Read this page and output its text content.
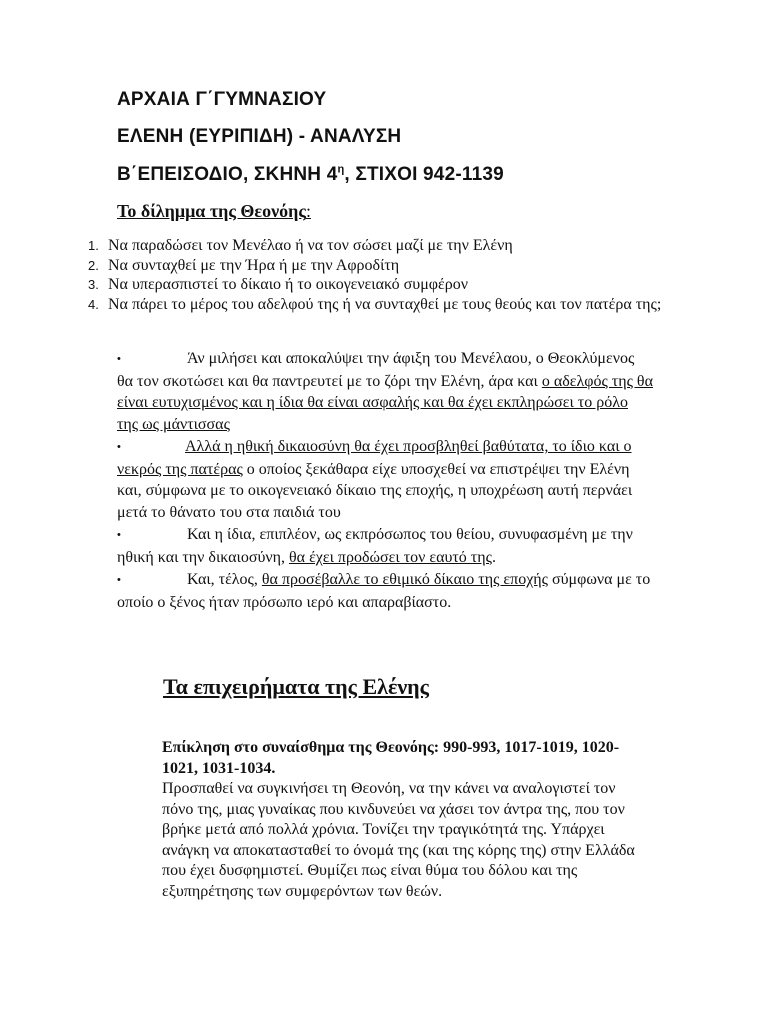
ΑΡΧΑΙΑ Γ΄ΓΥΜΝΑΣΙΟΥ
ΕΛΕΝΗ (ΕΥΡΙΠΙΔΗ) - ΑΝΑΛΥΣΗ
Β΄ΕΠΕΙΣΟΔΙΟ, ΣΚΗΝΗ $4^\eta$, ΣΤΙΧΟΙ 942-1139
Το δίλημμα της Θεονόης:
1. Να παραδώσει τον Μενέλαο ή να τον σώσει μαζί με την Ελένη
2. Να συνταχθεί με την Ήρα ή με την Αφροδίτη
3. Να υπερασπιστεί το δίκαιο ή το οικογενειακό συμφέρον
4. Να πάρει το μέρος του αδελφού της ή να συνταχθεί με τους θεούς και τον πατέρα της;
•	Άν μιλήσει και αποκαλύψει την άφιξη του Μενέλαου, ο Θεοκλύμενος θα τον σκοτώσει και θα παντρευτεί με το ζόρι την Ελένη, άρα και ο αδελφός της θα είναι ευτυχισμένος και η ίδια θα είναι ασφαλής και θα έχει εκπληρώσει το ρόλο της ως μάντισσας
•	Αλλά η ηθική δικαιοσύνη θα έχει προσβληθεί βαθύτατα, το ίδιο και ο νεκρός της πατέρας ο οποίος ξεκάθαρα είχε υποσχεθεί να επιστρέψει την Ελένη και, σύμφωνα με το οικογενειακό δίκαιο της εποχής, η υποχρέωση αυτή περνάει μετά το θάνατο του στα παιδιά του
•	Και η ίδια, επιπλέον, ως εκπρόσωπος του θείου, συνυφασμένη με την ηθική και την δικαιοσύνη, θα έχει προδώσει τον εαυτό της.
•	Και, τέλος, θα προσέβαλλε το εθιμικό δίκαιο της εποχής σύμφωνα με το οποίο ο ξένος ήταν πρόσωπο ιερό και απαραβίαστο.
Τα επιχειρήματα της Ελένης
Επίκληση στο συναίσθημα της Θεονόης: 990-993, 1017-1019, 1020-1021, 1031-1034.
Προσπαθεί να συγκινήσει τη Θεονόη, να την κάνει να αναλογιστεί τον πόνο της, μιας γυναίκας που κινδυνεύει να χάσει τον άντρα της, που τον βρήκε μετά από πολλά χρόνια. Τονίζει την τραγικότητά της. Υπάρχει ανάγκη να αποκατασταθεί το όνομά της (και της κόρης της) στην Ελλάδα που έχει δυσφημιστεί. Θυμίζει πως είναι θύμα του δόλου και της εξυπηρέτησης των συμφερόντων των θεών.
